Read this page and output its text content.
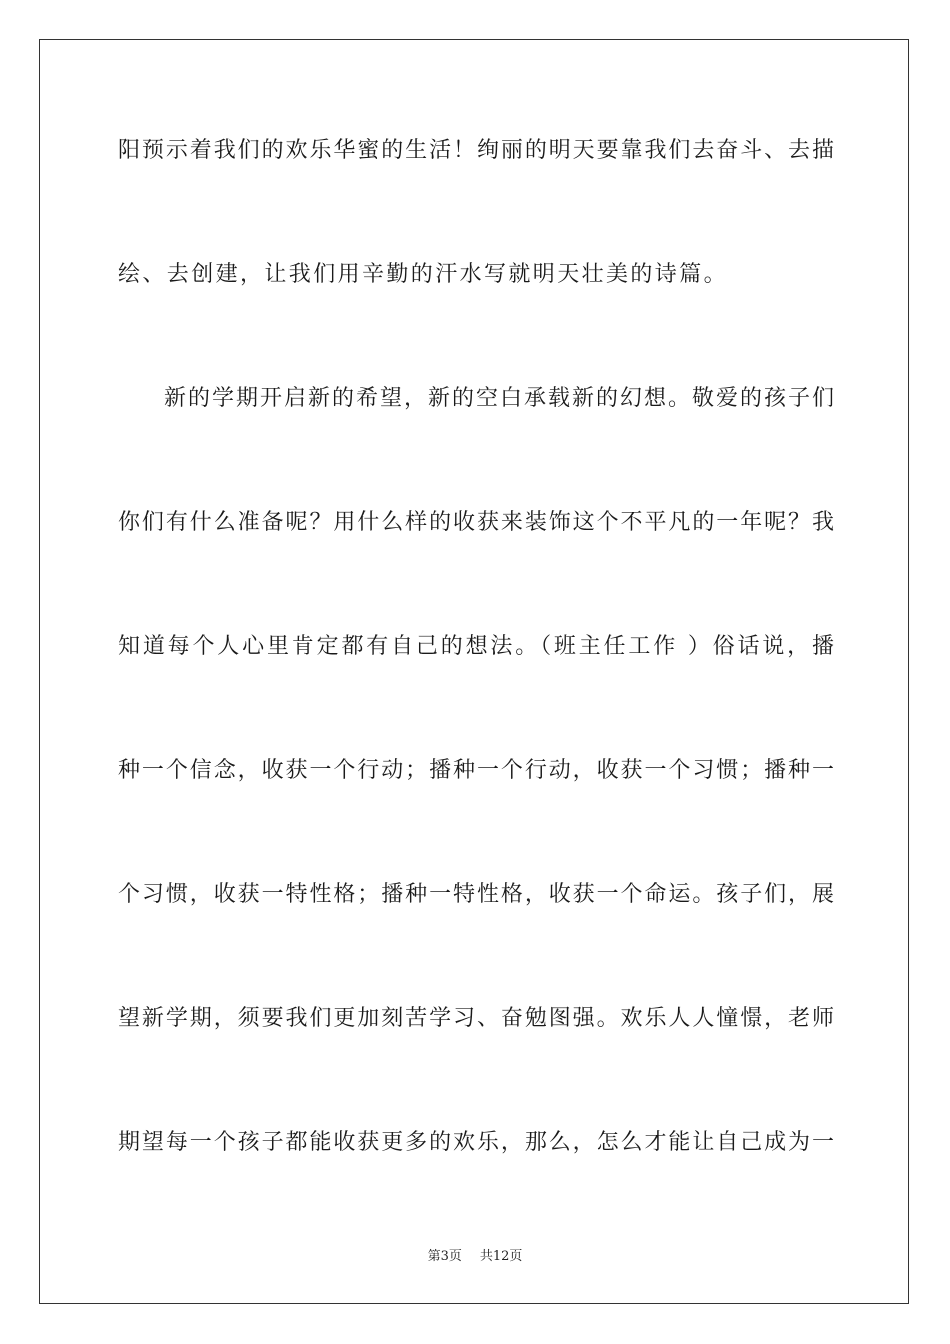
阳预示着我们的欢乐华蜜的生活！绚丽的明天要靠我们去奋斗、去描
绘、去创建，让我们用辛勤的汗水写就明天壮美的诗篇。
新的学期开启新的希望，新的空白承载新的幻想。敬爱的孩子们
你们有什么准备呢？用什么样的收获来装饰这个不平凡的一年呢？我
知道每个人心里肯定都有自己的想法。（班主任工作 ）俗话说，播
种一个信念，收获一个行动；播种一个行动，收获一个习惯；播种一
个习惯，收获一特性格；播种一特性格，收获一个命运。孩子们，展
望新学期，须要我们更加刻苦学习、奋勉图强。欢乐人人憧憬，老师
期望每一个孩子都能收获更多的欢乐，那么，怎么才能让自己成为一
第3页 共12页
